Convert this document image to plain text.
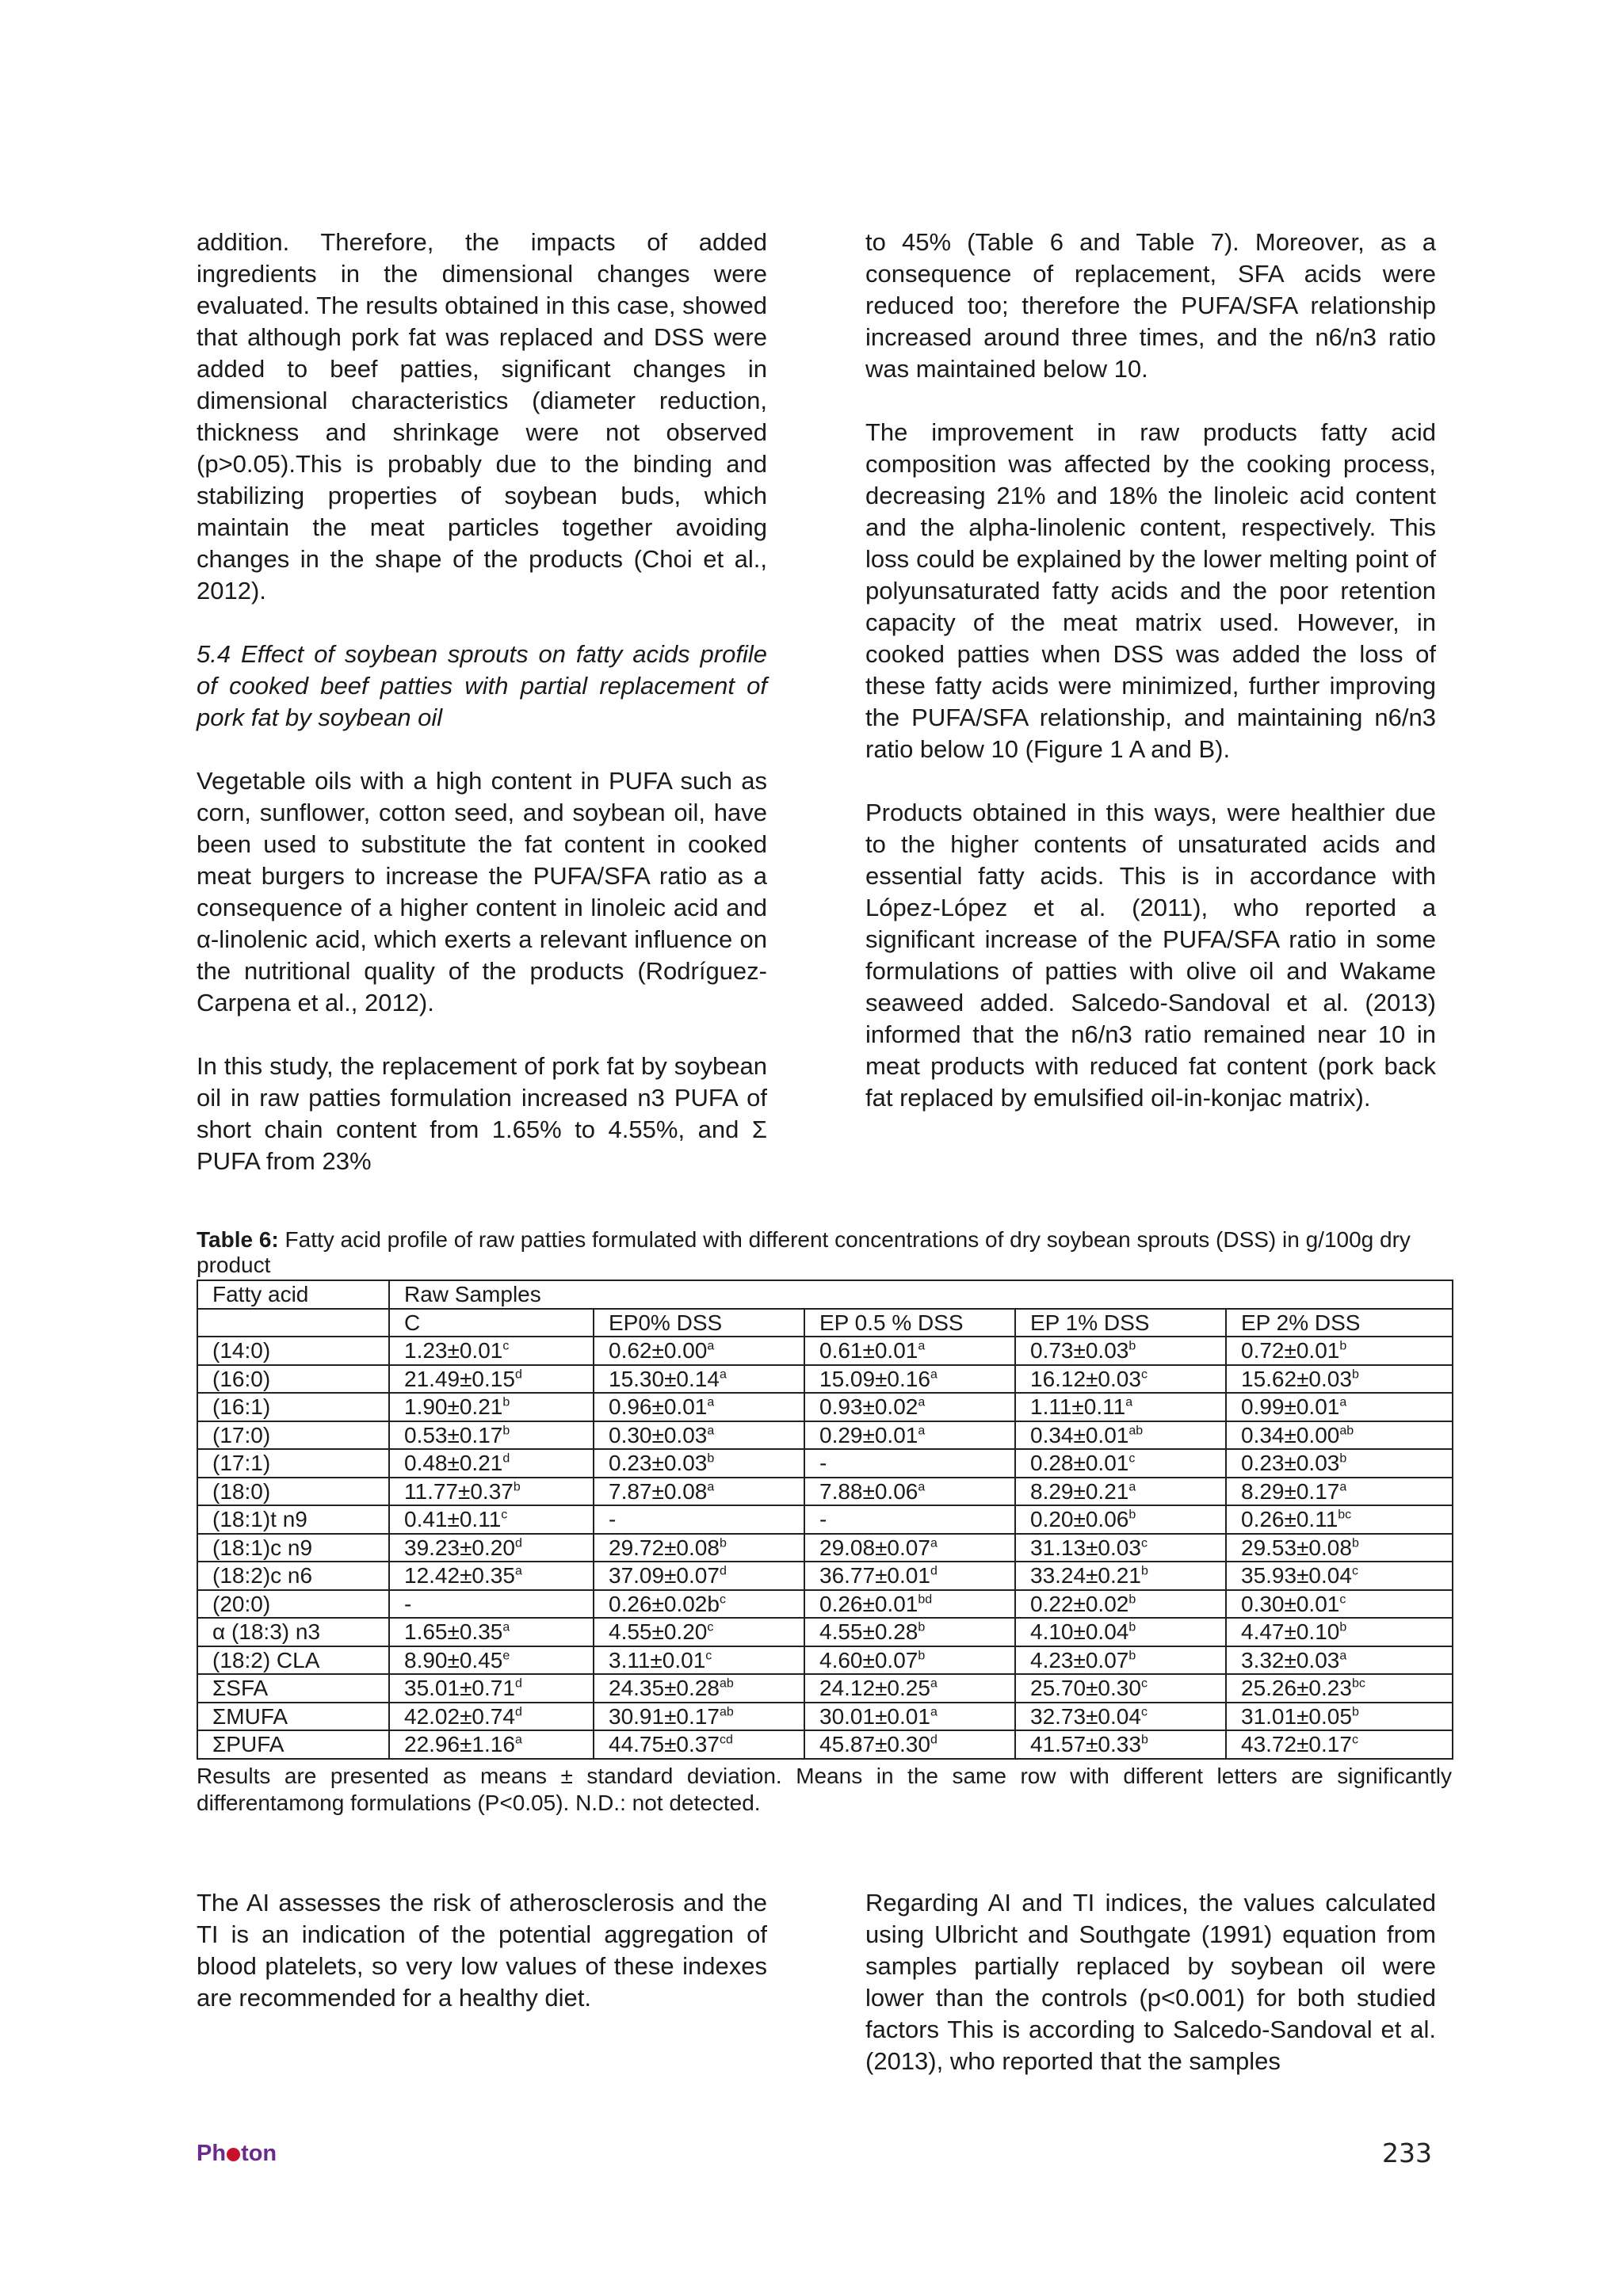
addition. Therefore, the impacts of added ingredients in the dimensional changes were evaluated. The results obtained in this case, showed that although pork fat was replaced and DSS were added to beef patties, significant changes in dimensional characteristics (diameter reduction, thickness and shrinkage were not observed (p>0.05).This is probably due to the binding and stabilizing properties of soybean buds, which maintain the meat particles together avoiding changes in the shape of the products (Choi et al., 2012).

5.4 Effect of soybean sprouts on fatty acids profile of cooked beef patties with partial replacement of pork fat by soybean oil

Vegetable oils with a high content in PUFA such as corn, sunflower, cotton seed, and soybean oil, have been used to substitute the fat content in cooked meat burgers to increase the PUFA/SFA ratio as a consequence of a higher content in linoleic acid and α-linolenic acid, which exerts a relevant influence on the nutritional quality of the products (Rodríguez-Carpena et al., 2012).

In this study, the replacement of pork fat by soybean oil in raw patties formulation increased n3 PUFA of short chain content from 1.65% to 4.55%, and Σ PUFA from 23%

to 45% (Table 6 and Table 7). Moreover, as a consequence of replacement, SFA acids were reduced too; therefore the PUFA/SFA relationship increased around three times, and the n6/n3 ratio was maintained below 10.

The improvement in raw products fatty acid composition was affected by the cooking process, decreasing 21% and 18% the linoleic acid content and the alpha-linolenic content, respectively. This loss could be explained by the lower melting point of polyunsaturated fatty acids and the poor retention capacity of the meat matrix used. However, in cooked patties when DSS was added the loss of these fatty acids were minimized, further improving the PUFA/SFA relationship, and maintaining n6/n3 ratio below 10 (Figure 1 A and B).

Products obtained in this ways, were healthier due to the higher contents of unsaturated acids and essential fatty acids. This is in accordance with López-López et al. (2011), who reported a significant increase of the PUFA/SFA ratio in some formulations of patties with olive oil and Wakame seaweed added. Salcedo-Sandoval et al. (2013) informed that the n6/n3 ratio remained near 10 in meat products with reduced fat content (pork back fat replaced by emulsified oil-in-konjac matrix).

Table 6: Fatty acid profile of raw patties formulated with different concentrations of dry soybean sprouts (DSS) in g/100g dry product

Fatty acid	Raw Samples				
	C	EP0% DSS	EP 0.5 % DSS	EP 1% DSS	EP 2% DSS
(14:0)	1.23±0.01$^c$	0.62±0.00$^a$	0.61±0.01$^a$	0.73±0.03$^b$	0.72±0.01$^b$
(16:0)	21.49±0.15$^d$	15.30±0.14$^a$	15.09±0.16$^a$	16.12±0.03$^c$	15.62±0.03$^b$
(16:1)	1.90±0.21$^b$	0.96±0.01$^a$	0.93±0.02$^a$	1.11±0.11$^a$	0.99±0.01$^a$
(17:0)	0.53±0.17$^b$	0.30±0.03$^a$	0.29±0.01$^a$	0.34±0.01$^{ab}$	0.34±0.00$^{ab}$
(17:1)	0.48±0.21$^d$	0.23±0.03$^b$	-	0.28±0.01$^c$	0.23±0.03$^b$
(18:0)	11.77±0.37$^b$	7.87±0.08$^a$	7.88±0.06$^a$	8.29±0.21$^a$	8.29±0.17$^a$
(18:1)t n9	0.41±0.11$^c$	-	-	0.20±0.06$^b$	0.26±0.11$^{bc}$
(18:1)c n9	39.23±0.20$^d$	29.72±0.08$^b$	29.08±0.07$^a$	31.13±0.03$^c$	29.53±0.08$^b$
(18:2)c n6	12.42±0.35$^a$	37.09±0.07$^d$	36.77±0.01$^d$	33.24±0.21$^b$	35.93±0.04$^c$
(20:0)	-	$0.26\pm 0.02b^c$	0.26±0.01$^{bd}$	0.22±0.02$^b$	0.30±0.01$^c$
α (18:3) n3	1.65±0.35$^a$	4.55±0.20$^c$	4.55±0.28$^b$	4.10±0.04$^b$	4.47±0.10$^b$
(18:2) CLA	8.90±0.45$^e$	3.11±0.01$^c$	4.60±0.07$^b$	4.23±0.07$^b$	3.32±0.03$^a$
ΣSFA	35.01±0.71$^d$	24.35±0.28$^{ab}$	24.12±0.25$^a$	25.70±0.30$^c$	25.26±0.23$^{bc}$
ΣMUFA	42.02±0.74$^d$	30.91±0.17$^{ab}$	30.01±0.01$^a$	32.73±0.04$^c$	31.01±0.05$^b$
ΣPUFA	22.96±1.16$^a$	44.75±0.37$^{cd}$	45.87±0.30$^d$	41.57±0.33$^b$	43.72±0.17$^c$

Results are presented as means ± standard deviation. Means in the same row with different letters are significantly differentamong formulations (P<0.05). N.D.: not detected.

The AI assesses the risk of atherosclerosis and the TI is an indication of the potential aggregation of blood platelets, so very low values of these indexes are recommended for a healthy diet.

Regarding AI and TI indices, the values calculated using Ulbricht and Southgate (1991) equation from samples partially replaced by soybean oil were lower than the controls (p<0.001) for both studied factors This is according to Salcedo-Sandoval et al. (2013), who reported that the samples

Ph ton	233
